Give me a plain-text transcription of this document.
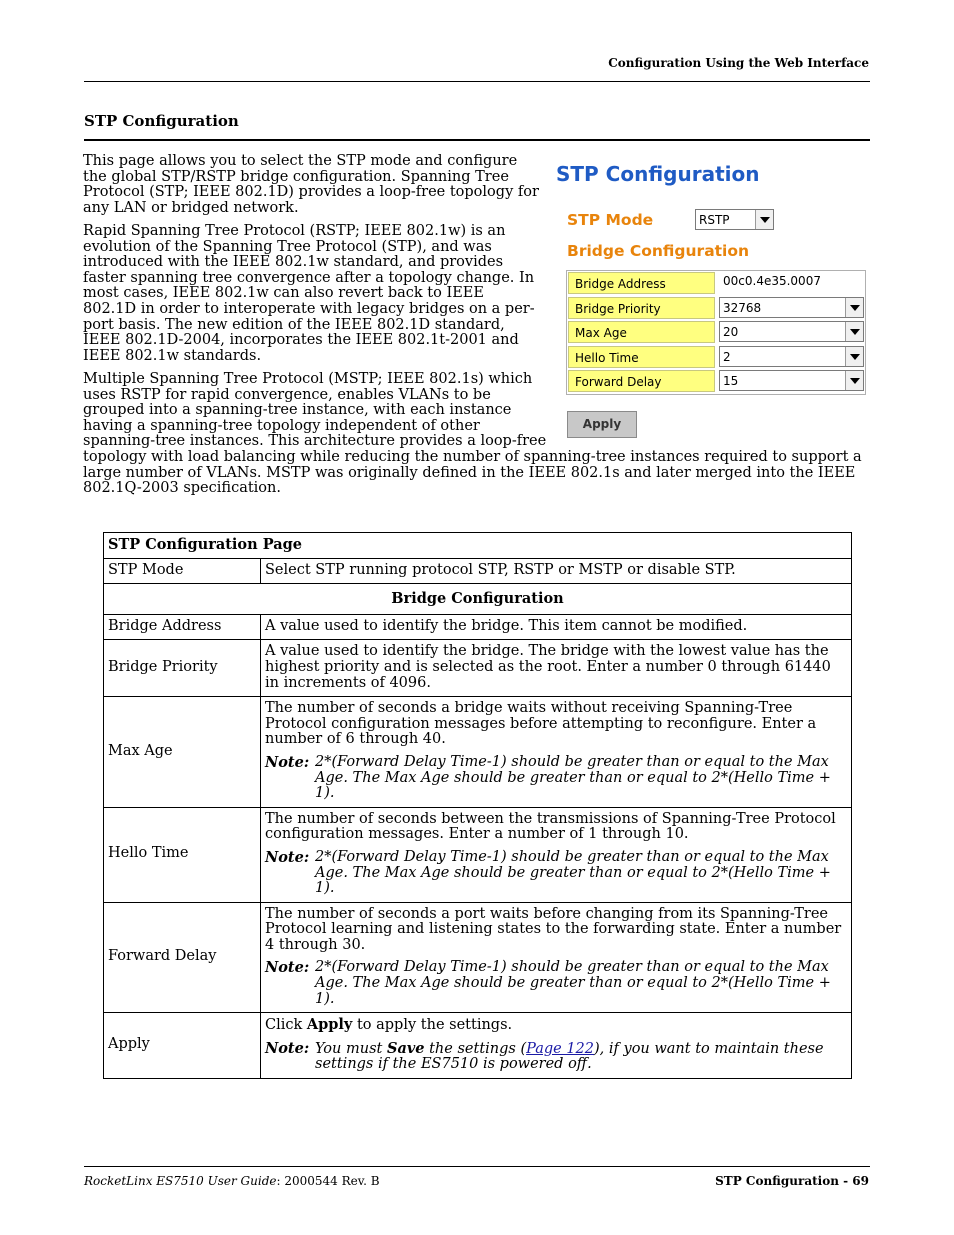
Configuration Using the Web Interface
STP Configuration

This page allows you to select the STP mode and configure the global STP/RSTP bridge configuration. Spanning Tree Protocol (STP; IEEE 802.1D) provides a loop-free topology for any LAN or bridged network.

Rapid Spanning Tree Protocol (RSTP; IEEE 802.1w) is an evolution of the Spanning Tree Protocol (STP), and was introduced with the IEEE 802.1w standard, and provides faster spanning tree convergence after a topology change. In most cases, IEEE 802.1w can also revert back to IEEE 802.1D in order to interoperate with legacy bridges on a per-port basis. The new edition of the IEEE 802.1D standard, IEEE 802.1D-2004, incorporates the IEEE 802.1t-2001 and IEEE 802.1w standards.

Multiple Spanning Tree Protocol (MSTP; IEEE 802.1s) which uses RSTP for rapid convergence, enables VLANs to be grouped into a spanning-tree instance, with each instance having a spanning-tree topology independent of other spanning-tree instances. This architecture provides a loop-free topology with load balancing while reducing the number of spanning-tree instances required to support a large number of VLANs. MSTP was originally defined in the IEEE 802.1s and later merged into the IEEE 802.1Q-2003 specification.

STP Configuration
STP Mode	RSTP
Bridge Configuration
Bridge Address	00c0.4e35.0007
Bridge Priority	32768
Max Age	20
Hello Time	2
Forward Delay	15
Apply
STP Configuration Page	
STP Mode	Select STP running protocol STP, RSTP or MSTP or disable STP.
Bridge Configuration	
Bridge Address	A value used to identify the bridge. This item cannot be modified.
Bridge Priority	A value used to identify the bridge. The bridge with the lowest value has the highest priority and is selected as the root. Enter a number 0 through 61440 in increments of 4096.
Max Age	The number of seconds a bridge waits without receiving Spanning-Tree Protocol configuration messages before attempting to reconfigure. Enter a number of 6 through 40.

Note: 2*(Forward Delay Time-1) should be greater than or equal to the Max Age. The Max Age should be greater than or equal to 2*(Hello Time + 1).

Hello Time	The number of seconds between the transmissions of Spanning-Tree Protocol configuration messages. Enter a number of 1 through 10.

Note: 2*(Forward Delay Time-1) should be greater than or equal to the Max Age. The Max Age should be greater than or equal to 2*(Hello Time + 1).

Forward Delay	The number of seconds a port waits before changing from its Spanning-Tree Protocol learning and listening states to the forwarding state. Enter a number 4 through 30.

Note: 2*(Forward Delay Time-1) should be greater than or equal to the Max Age. The Max Age should be greater than or equal to 2*(Hello Time + 1).

Apply	Click Apply to apply the settings.

Note: You must Save the settings (Page 122), if you want to maintain these settings if the ES7510 is powered off.
RocketLinx ES7510 User Guide: 2000544 Rev. B	STP Configuration - 69
